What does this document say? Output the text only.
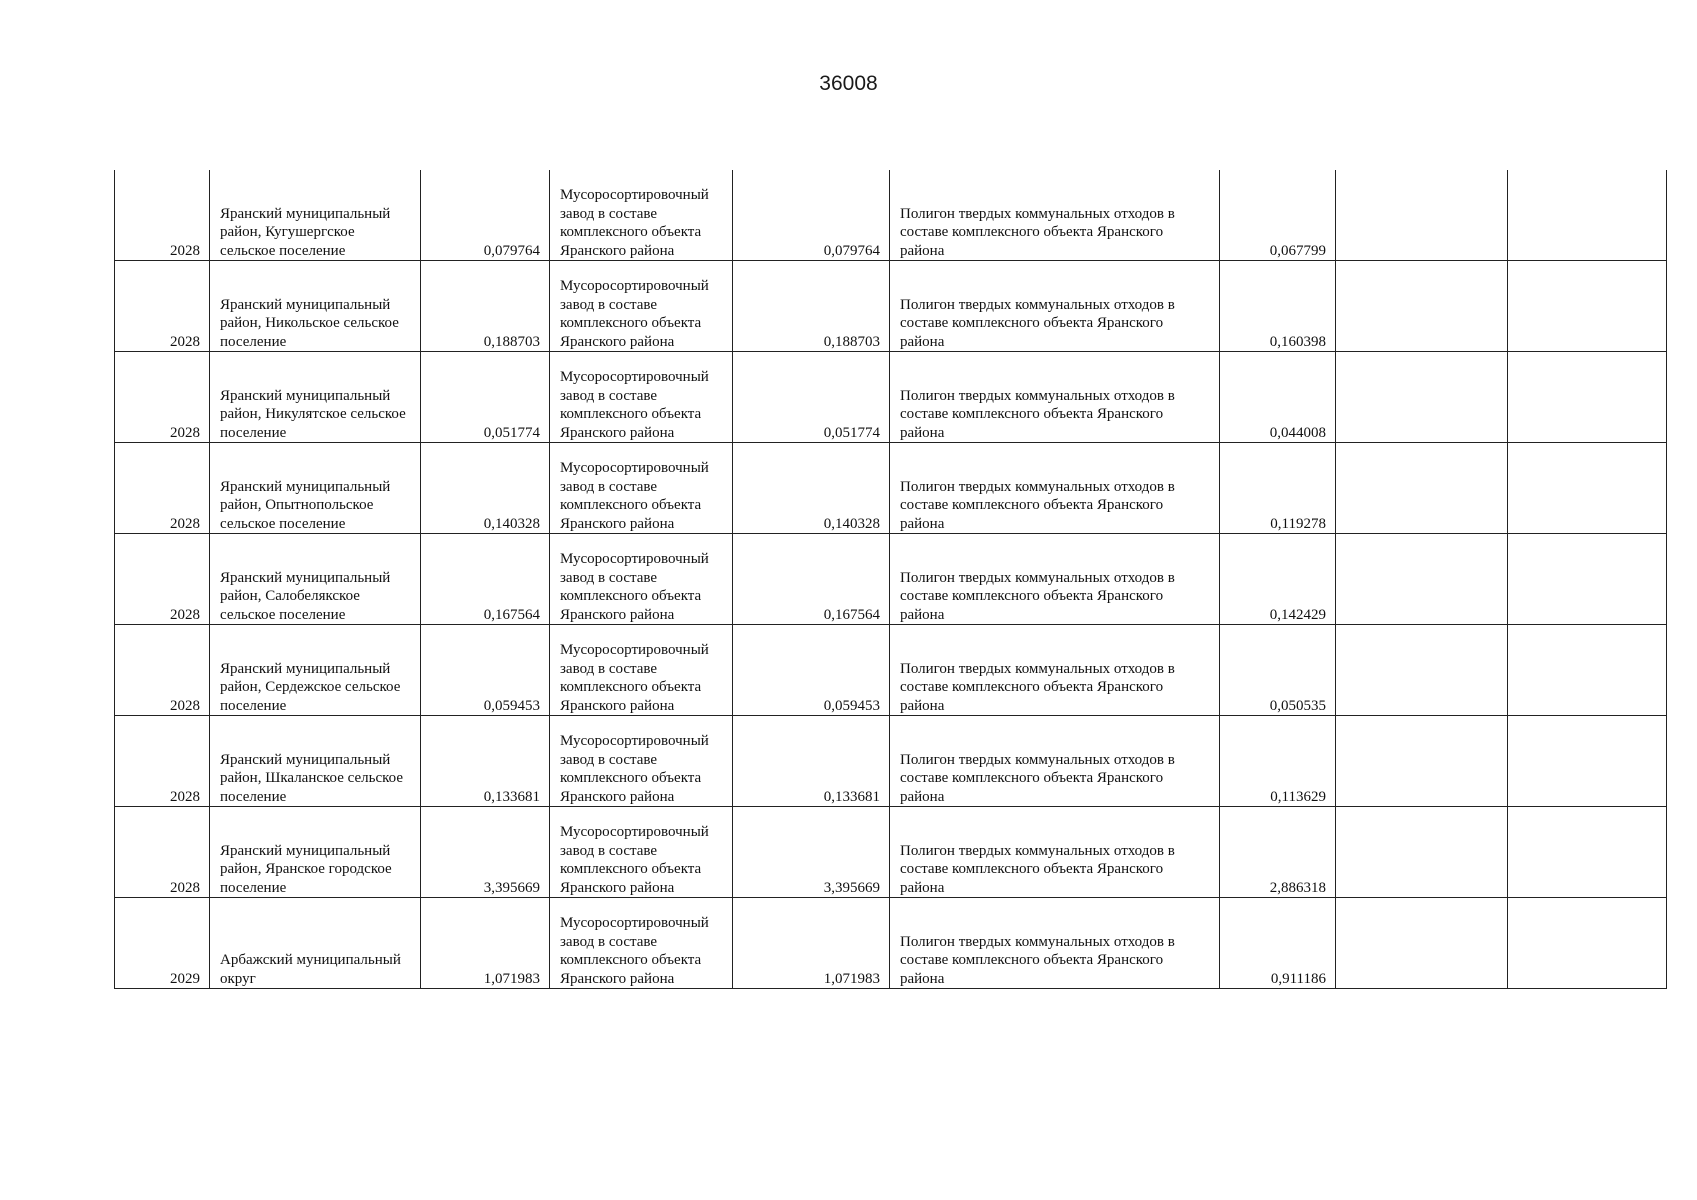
36008
2028	Яранский муниципальный район, Кугушергское сельское поселение	0,079764	Мусоросортировочный завод в составе комплексного объекта Яранского района	0,079764	Полигон твердых коммунальных отходов в составе комплексного объекта Яранского района	0,067799		
2028	Яранский муниципальный район, Никольское сельское поселение	0,188703	Мусоросортировочный завод в составе комплексного объекта Яранского района	0,188703	Полигон твердых коммунальных отходов в составе комплексного объекта Яранского района	0,160398		
2028	Яранский муниципальный район, Никулятское сельское поселение	0,051774	Мусоросортировочный завод в составе комплексного объекта Яранского района	0,051774	Полигон твердых коммунальных отходов в составе комплексного объекта Яранского района	0,044008		
2028	Яранский муниципальный район, Опытнопольское сельское поселение	0,140328	Мусоросортировочный завод в составе комплексного объекта Яранского района	0,140328	Полигон твердых коммунальных отходов в составе комплексного объекта Яранского района	0,119278		
2028	Яранский муниципальный район, Салобелякское сельское поселение	0,167564	Мусоросортировочный завод в составе комплексного объекта Яранского района	0,167564	Полигон твердых коммунальных отходов в составе комплексного объекта Яранского района	0,142429		
2028	Яранский муниципальный район, Сердежское сельское поселение	0,059453	Мусоросортировочный завод в составе комплексного объекта Яранского района	0,059453	Полигон твердых коммунальных отходов в составе комплексного объекта Яранского района	0,050535		
2028	Яранский муниципальный район, Шкаланское сельское поселение	0,133681	Мусоросортировочный завод в составе комплексного объекта Яранского района	0,133681	Полигон твердых коммунальных отходов в составе комплексного объекта Яранского района	0,113629		
2028	Яранский муниципальный район, Яранское городское поселение	3,395669	Мусоросортировочный завод в составе комплексного объекта Яранского района	3,395669	Полигон твердых коммунальных отходов в составе комплексного объекта Яранского района	2,886318		
2029	Арбажский муниципальный округ	1,071983	Мусоросортировочный завод в составе комплексного объекта Яранского района	1,071983	Полигон твердых коммунальных отходов в составе комплексного объекта Яранского района	0,911186		
